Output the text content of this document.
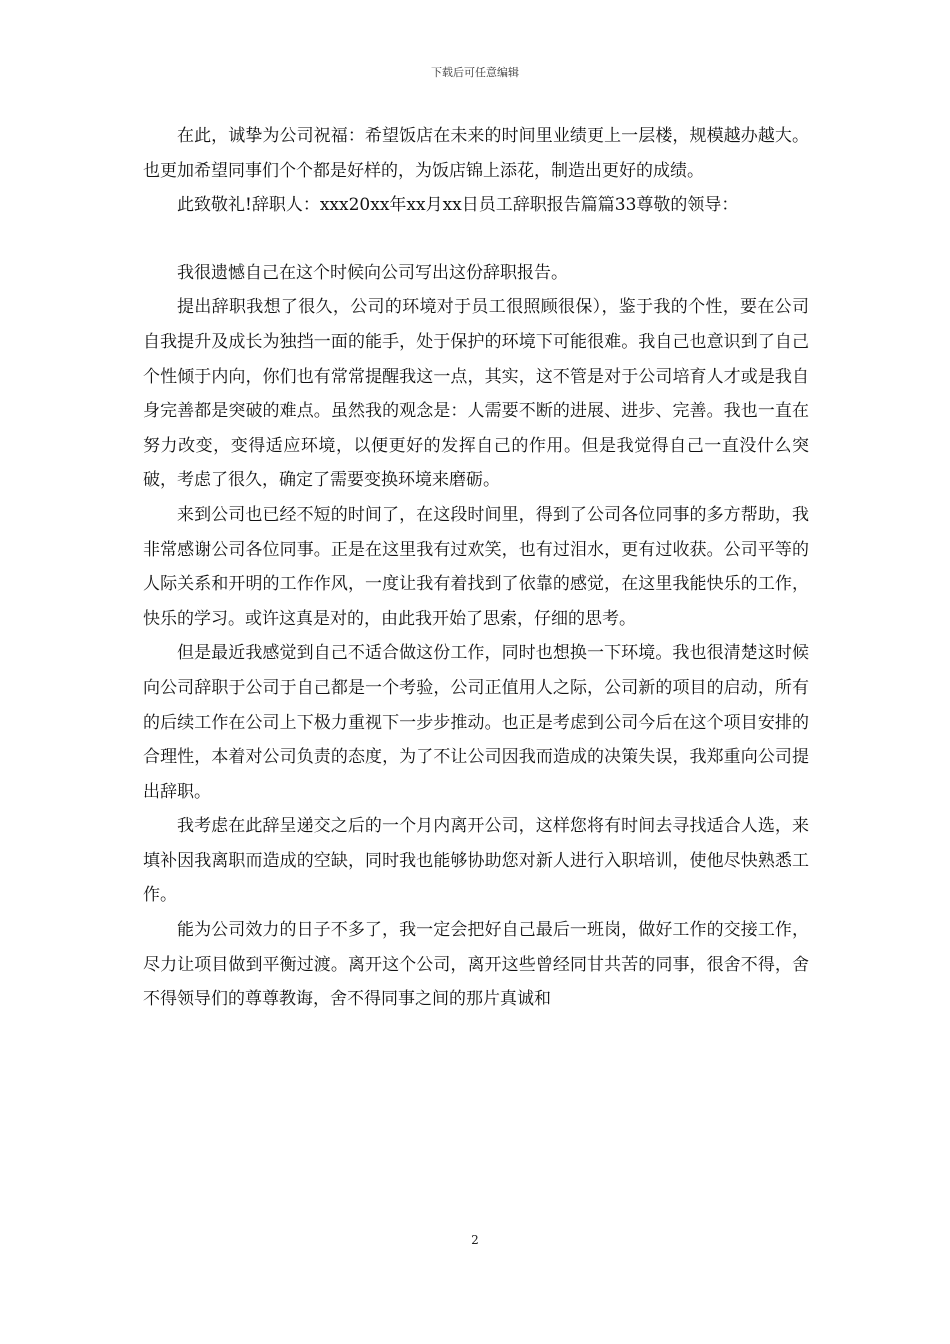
下载后可任意编辑

在此，诚挚为公司祝福：希望饭店在未来的时间里业绩更上一层楼，规模越办越大。也更加希望同事们个个都是好样的，为饭店锦上添花，制造出更好的成绩。

此致敬礼!辞职人：xxx20xx年xx月xx日员工辞职报告篇篇33尊敬的领导：

我很遗憾自己在这个时候向公司写出这份辞职报告。

提出辞职我想了很久，公司的环境对于员工很照顾很保），鉴于我的个性，要在公司自我提升及成长为独挡一面的能手，处于保护的环境下可能很难。我自己也意识到了自己个性倾于内向，你们也有常常提醒我这一点，其实，这不管是对于公司培育人才或是我自身完善都是突破的难点。虽然我的观念是：人需要不断的进展、进步、完善。我也一直在努力改变，变得适应环境，以便更好的发挥自己的作用。但是我觉得自己一直没什么突破，考虑了很久，确定了需要变换环境来磨砺。

来到公司也已经不短的时间了，在这段时间里，得到了公司各位同事的多方帮助，我非常感谢公司各位同事。正是在这里我有过欢笑，也有过泪水，更有过收获。公司平等的人际关系和开明的工作作风，一度让我有着找到了依靠的感觉，在这里我能快乐的工作，快乐的学习。或许这真是对的，由此我开始了思索，仔细的思考。

但是最近我感觉到自己不适合做这份工作，同时也想换一下环境。我也很清楚这时候向公司辞职于公司于自己都是一个考验，公司正值用人之际，公司新的项目的启动，所有的后续工作在公司上下极力重视下一步步推动。也正是考虑到公司今后在这个项目安排的合理性，本着对公司负责的态度，为了不让公司因我而造成的决策失误，我郑重向公司提出辞职。

我考虑在此辞呈递交之后的一个月内离开公司，这样您将有时间去寻找适合人选，来填补因我离职而造成的空缺，同时我也能够协助您对新人进行入职培训，使他尽快熟悉工作。

能为公司效力的日子不多了，我一定会把好自己最后一班岗，做好工作的交接工作，尽力让项目做到平衡过渡。离开这个公司，离开这些曾经同甘共苦的同事，很舍不得，舍不得领导们的尊尊教诲，舍不得同事之间的那片真诚和

2
